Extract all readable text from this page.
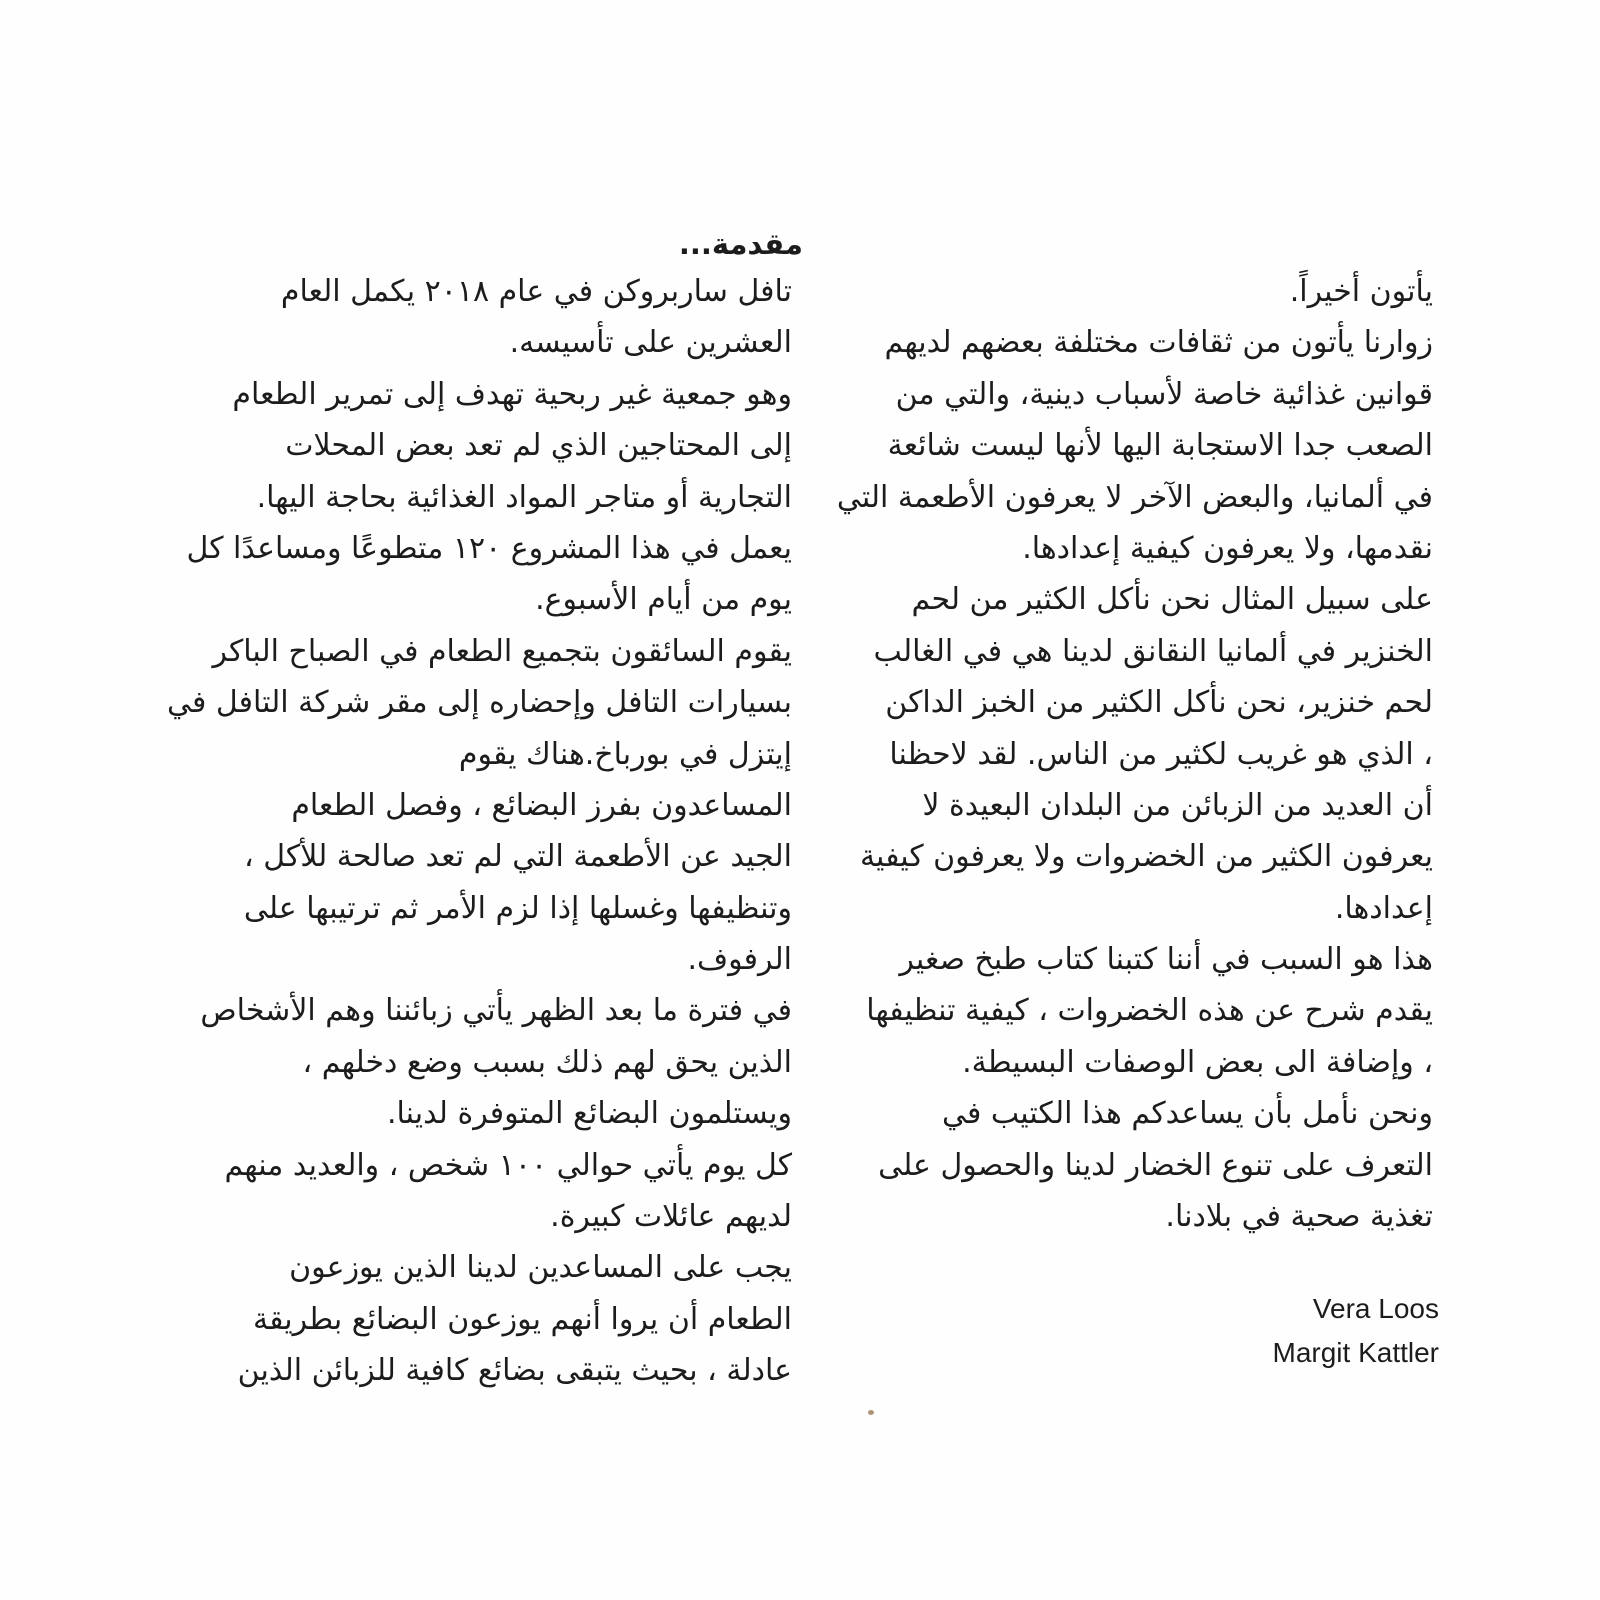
مقدمة...
تافل ساربروكن في عام ٢٠١٨ يكمل العام
العشرين على تأسيسه.
وهو جمعية غير ربحية تهدف إلى تمرير الطعام
إلى المحتاجين الذي لم تعد بعض المحلات
التجارية أو متاجر المواد الغذائية بحاجة اليها.
يعمل في هذا المشروع ١٢٠ متطوعًا ومساعدًا كل
يوم من أيام الأسبوع.
يقوم السائقون بتجميع الطعام في الصباح الباكر
بسيارات التافل وإحضاره إلى مقر شركة التافل في
إيتزل في بورباخ.هناك يقوم
المساعدون بفرز البضائع ، وفصل الطعام
الجيد عن الأطعمة التي لم تعد صالحة للأكل ،
وتنظيفها وغسلها إذا لزم الأمر ثم ترتيبها على
الرفوف.
في فترة ما بعد الظهر يأتي زبائننا وهم الأشخاص
الذين يحق لهم ذلك بسبب وضع دخلهم ،
ويستلمون البضائع المتوفرة لدينا.
كل يوم يأتي حوالي ١٠٠ شخص ، والعديد منهم
لديهم عائلات كبيرة.
يجب على المساعدين لدينا الذين يوزعون
الطعام أن يروا أنهم يوزعون البضائع بطريقة
عادلة ، بحيث يتبقى بضائع كافية للزبائن الذين
يأتون أخيراً.
زوارنا يأتون من ثقافات مختلفة بعضهم لديهم
قوانين غذائية خاصة لأسباب دينية، والتي من
الصعب جدا الاستجابة اليها لأنها ليست شائعة
في ألمانيا، والبعض الآخر لا يعرفون الأطعمة التي
نقدمها، ولا يعرفون كيفية إعدادها.
على سبيل المثال نحن نأكل الكثير من لحم
الخنزير في ألمانيا النقانق لدينا هي في الغالب
لحم خنزير، نحن نأكل الكثير من الخبز الداكن
، الذي هو غريب لكثير من الناس. لقد لاحظنا
أن العديد من الزبائن من البلدان البعيدة لا
يعرفون الكثير من الخضروات ولا يعرفون كيفية
إعدادها.
هذا هو السبب في أننا كتبنا كتاب طبخ صغير
يقدم شرح عن هذه الخضروات ، كيفية تنظيفها
، وإضافة الى بعض الوصفات البسيطة.
ونحن نأمل بأن يساعدكم هذا الكتيب في
التعرف على تنوع الخضار لدينا والحصول على
تغذية صحية في بلادنا.
Vera Loos
Margit Kattler
